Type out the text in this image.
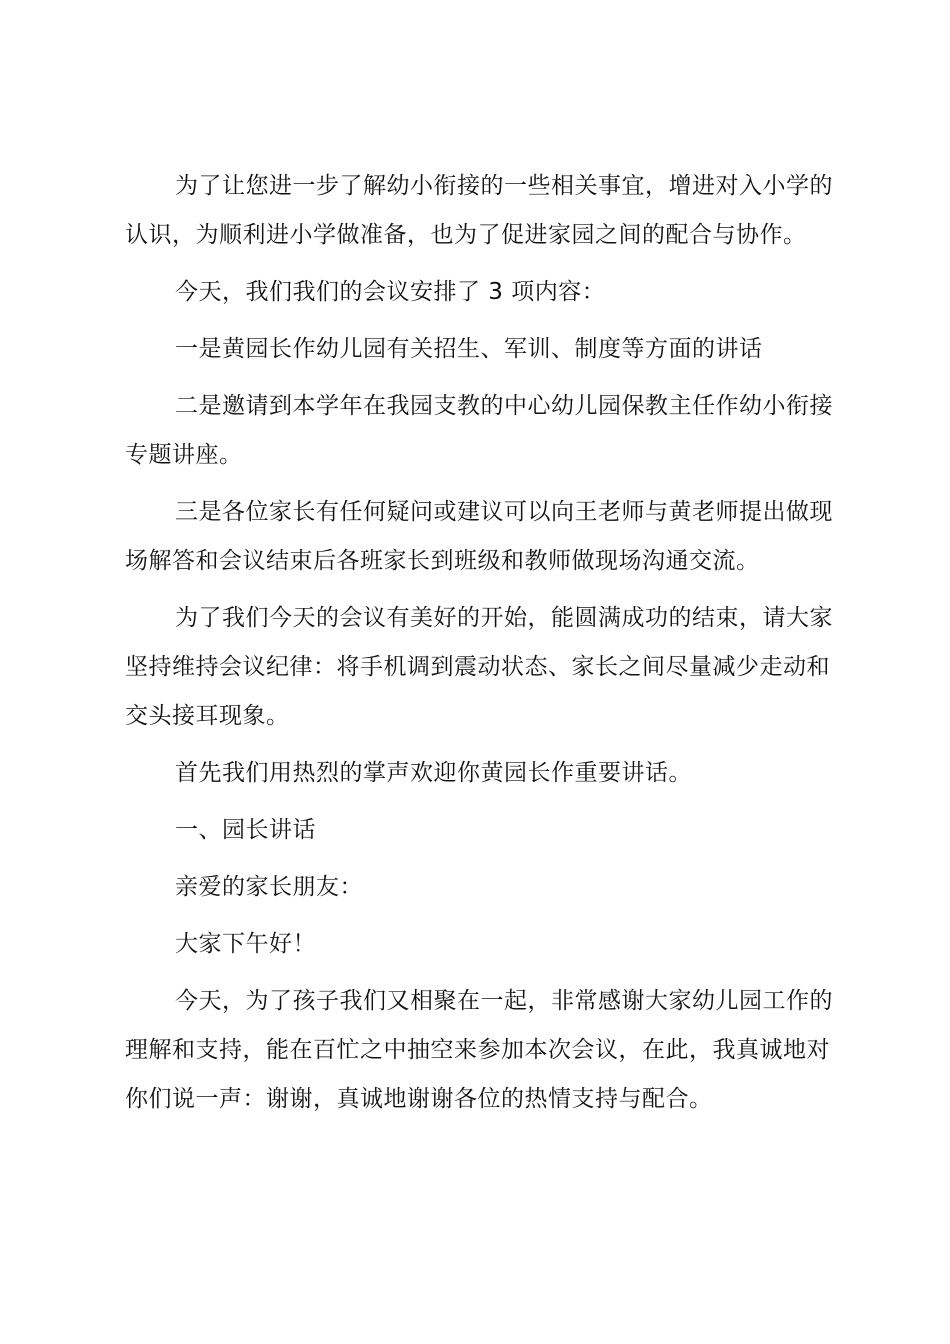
为了让您进一步了解幼小衔接的一些相关事宜，增进对入小学的认识，为顺利进小学做准备，也为了促进家园之间的配合与协作。

今天，我们我们的会议安排了 3 项内容：

一是黄园长作幼儿园有关招生、军训、制度等方面的讲话

二是邀请到本学年在我园支教的中心幼儿园保教主任作幼小衔接专题讲座。

三是各位家长有任何疑问或建议可以向王老师与黄老师提出做现场解答和会议结束后各班家长到班级和教师做现场沟通交流。

为了我们今天的会议有美好的开始，能圆满成功的结束，请大家坚持维持会议纪律：将手机调到震动状态、家长之间尽量减少走动和交头接耳现象。

首先我们用热烈的掌声欢迎你黄园长作重要讲话。

一、园长讲话

亲爱的家长朋友：

大家下午好！

今天，为了孩子我们又相聚在一起，非常感谢大家幼儿园工作的理解和支持，能在百忙之中抽空来参加本次会议，在此，我真诚地对你们说一声：谢谢，真诚地谢谢各位的热情支持与配合。
